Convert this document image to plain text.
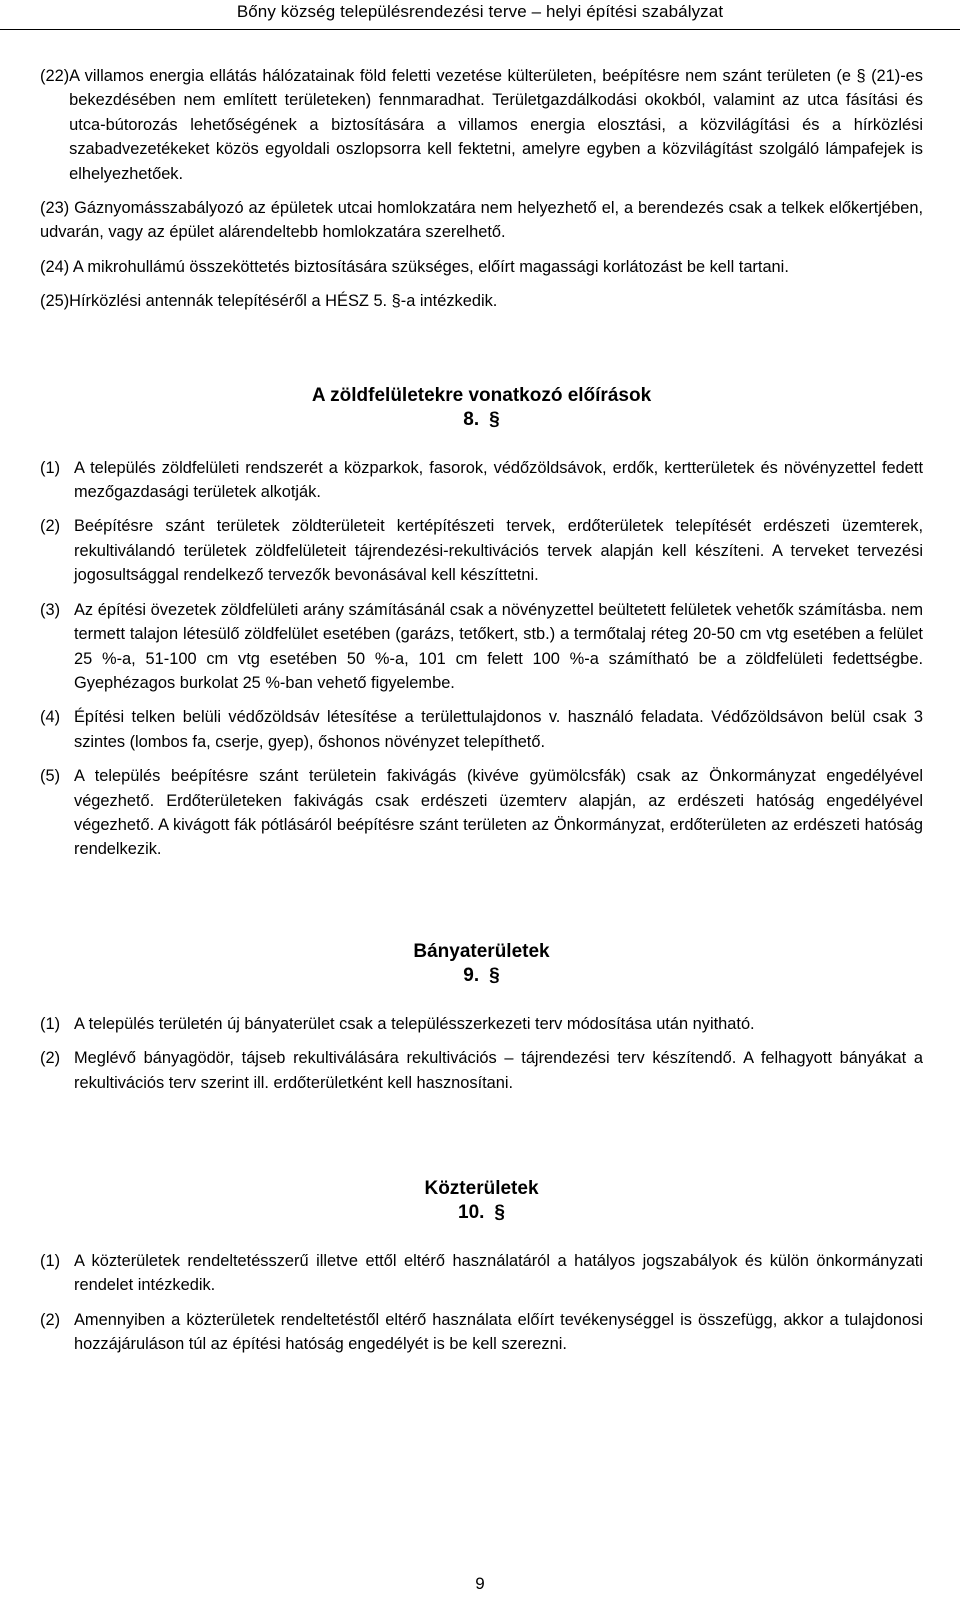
Bőny község településrendezési terve – helyi építési szabályzat
(22) A villamos energia ellátás hálózatainak föld feletti vezetése külterületen, beépítésre nem szánt területen (e § (21)-es bekezdésében nem említett területeken) fennmaradhat. Területgazdálkodási okokból, valamint az utca fásítási és utca-bútorozás lehetőségének a biztosítására a villamos energia elosztási, a közvilágítási és a hírközlési szabadvezetékeket közös egyoldali oszlopsorra kell fektetni, amelyre egyben a közvilágítást szolgáló lámpafejek is elhelyezhetőek.

(23) Gáznyomásszabályozó az épületek utcai homlokzatára nem helyezhető el, a berendezés csak a telkek előkertjében, udvarán, vagy az épület alárendeltebb homlokzatára szerelhető.

(24) A mikrohullámú összeköttetés biztosítására szükséges, előírt magassági korlátozást be kell tartani.

(25) Hírközlési antennák telepítéséről a HÉSZ 5. §-a intézkedik.

A zöldfelületekre vonatkozó előírások

8. §

(1) A település zöldfelületi rendszerét a közparkok, fasorok, védőzöldsávok, erdők, kertterületek és növényzettel fedett mezőgazdasági területek alkotják.
(2) Beépítésre szánt területek zöldterületeit kertépítészeti tervek, erdőterületek telepítését erdészeti üzemterek, rekultiválandó területek zöldfelületeit tájrendezési-rekultivációs tervek alapján kell készíteni. A terveket tervezési jogosultsággal rendelkező tervezők bevonásával kell készíttetni.
(3) Az építési övezetek zöldfelületi arány számításánál csak a növényzettel beültetett felületek vehetők számításba. nem termett talajon létesülő zöldfelület esetében (garázs, tetőkert, stb.) a termőtalaj réteg 20-50 cm vtg esetében a felület 25 %-a, 51-100 cm vtg esetében 50 %-a, 101 cm felett 100 %-a számítható be a zöldfelületi fedettségbe. Gyephézagos burkolat 25 %-ban vehető figyelembe.
(4) Építési telken belüli védőzöldsáv létesítése a területtulajdonos v. használó feladata. Védőzöldsávon belül csak 3 szintes (lombos fa, cserje, gyep), őshonos növényzet telepíthető.
(5) A település beépítésre szánt területein fakivágás (kivéve gyümölcsfák) csak az Önkormányzat engedélyével végezhető. Erdőterületeken fakivágás csak erdészeti üzemterv alapján, az erdészeti hatóság engedélyével végezhető. A kivágott fák pótlásáról beépítésre szánt területen az Önkormányzat, erdőterületen az erdészeti hatóság rendelkezik.

Bányaterületek

9. §

(1) A település területén új bányaterület csak a településszerkezeti terv módosítása után nyitható.
(2) Meglévő bányagödör, tájseb rekultiválására rekultivációs – tájrendezési terv készítendő. A felhagyott bányákat a rekultivációs terv szerint ill. erdőterületként kell hasznosítani.

Közterületek

10. §

(1) A közterületek rendeltetésszerű illetve ettől eltérő használatáról a hatályos jogszabályok és külön önkormányzati rendelet intézkedik.
(2) Amennyiben a közterületek rendeltetéstől eltérő használata előírt tevékenységgel is összefügg, akkor a tulajdonosi hozzájáruláson túl az építési hatóság engedélyét is be kell szerezni.
9
